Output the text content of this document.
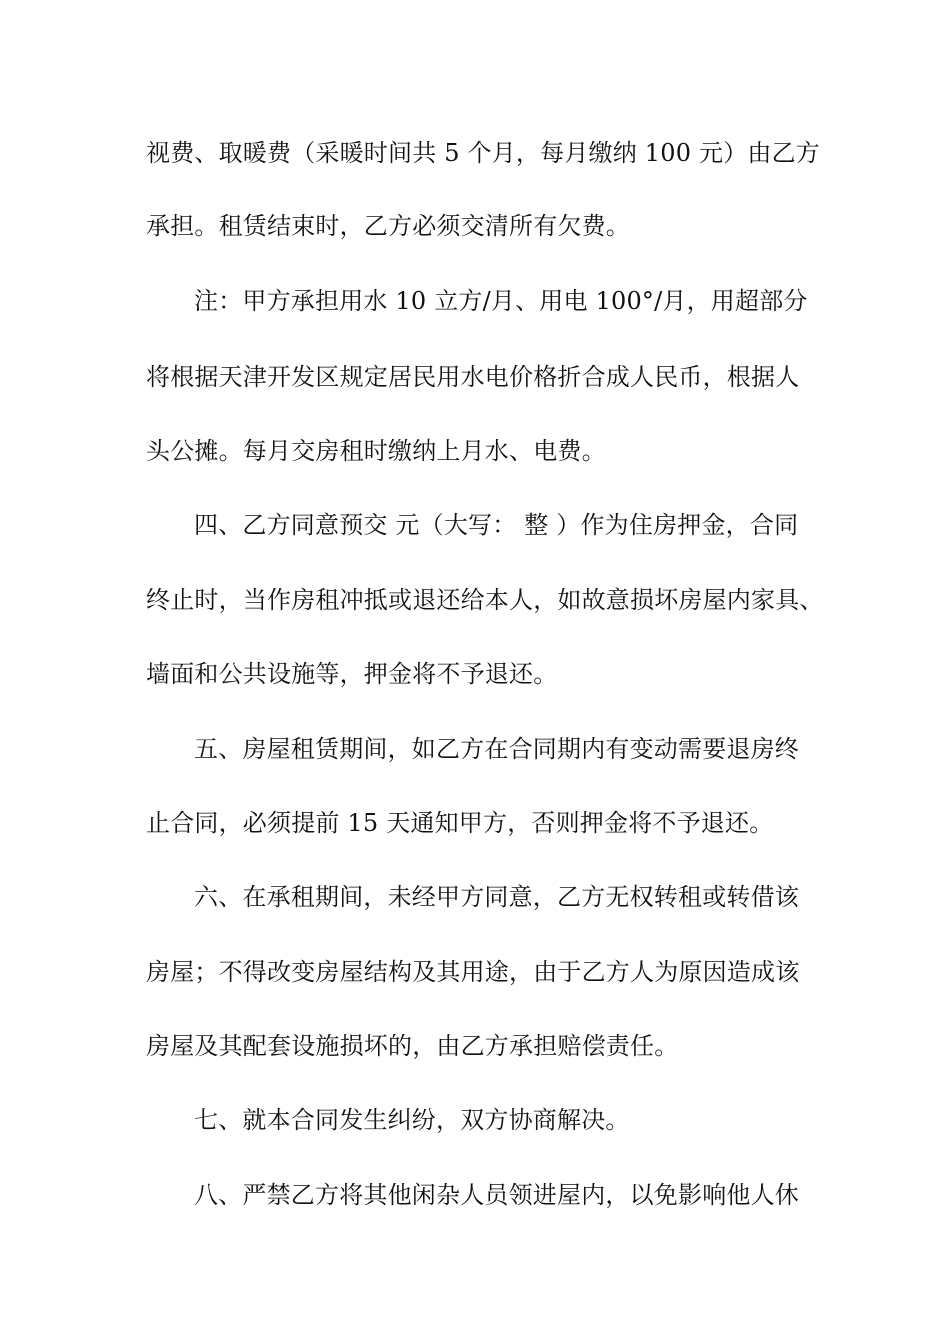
视费、取暖费（采暖时间共 5 个月，每月缴纳 100 元）由乙方
承担。租赁结束时，乙方必须交清所有欠费。
注：甲方承担用水 10 立方/月、用电 100°/月，用超部分
将根据天津开发区规定居民用水电价格折合成人民币，根据人
头公摊。每月交房租时缴纳上月水、电费。
四、乙方同意预交 元（大写： 整 ）作为住房押金，合同
终止时，当作房租冲抵或退还给本人，如故意损坏房屋内家具、
墙面和公共设施等，押金将不予退还。
五、房屋租赁期间，如乙方在合同期内有变动需要退房终
止合同，必须提前 15 天通知甲方，否则押金将不予退还。
六、在承租期间，未经甲方同意，乙方无权转租或转借该
房屋；不得改变房屋结构及其用途，由于乙方人为原因造成该
房屋及其配套设施损坏的，由乙方承担赔偿责任。
七、就本合同发生纠纷，双方协商解决。
八、严禁乙方将其他闲杂人员领进屋内，以免影响他人休
